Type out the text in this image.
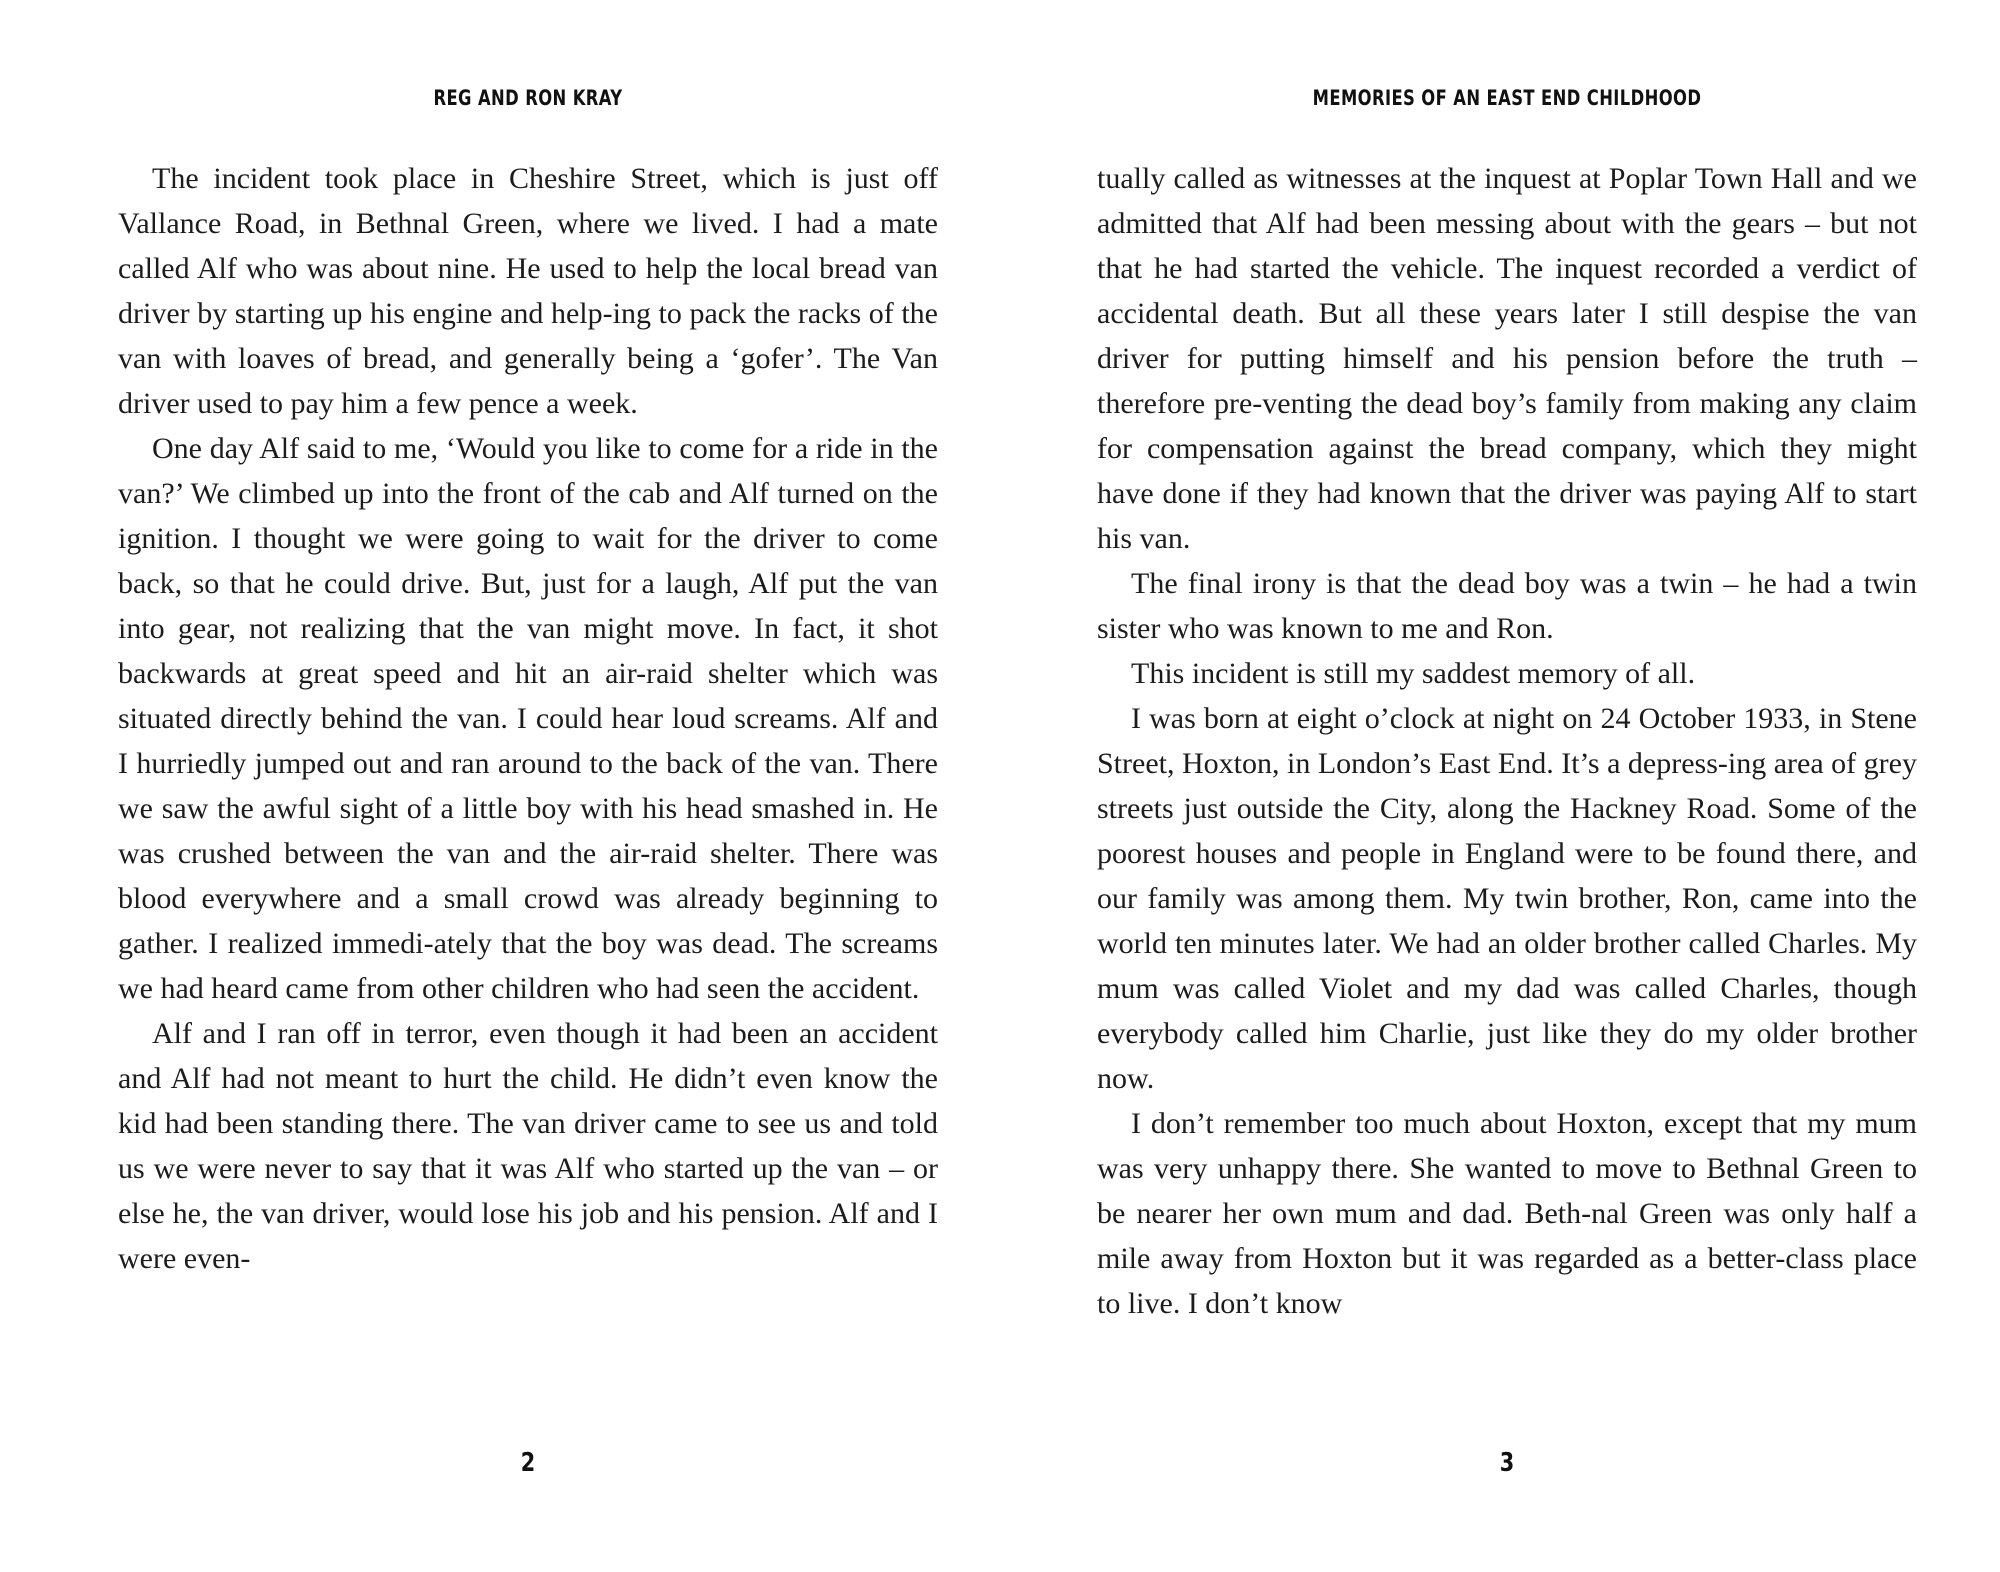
REG AND RON KRAY

The incident took place in Cheshire Street, which is just off Vallance Road, in Bethnal Green, where we lived. I had a mate called Alf who was about nine. He used to help the local bread van driver by starting up his engine and help-ing to pack the racks of the van with loaves of bread, and generally being a ‘gofer’. The Van driver used to pay him a few pence a week.

One day Alf said to me, ‘Would you like to come for a ride in the van?’ We climbed up into the front of the cab and Alf turned on the ignition. I thought we were going to wait for the driver to come back, so that he could drive. But, just for a laugh, Alf put the van into gear, not realizing that the van might move. In fact, it shot backwards at great speed and hit an air-raid shelter which was situated directly behind the van. I could hear loud screams. Alf and I hurriedly jumped out and ran around to the back of the van. There we saw the awful sight of a little boy with his head smashed in. He was crushed between the van and the air-raid shelter. There was blood everywhere and a small crowd was already beginning to gather. I realized immedi-ately that the boy was dead. The screams we had heard came from other children who had seen the accident.

Alf and I ran off in terror, even though it had been an accident and Alf had not meant to hurt the child. He didn’t even know the kid had been standing there. The van driver came to see us and told us we were never to say that it was Alf who started up the van – or else he, the van driver, would lose his job and his pension. Alf and I were even-

2
MEMORIES OF AN EAST END CHILDHOOD

tually called as witnesses at the inquest at Poplar Town Hall and we admitted that Alf had been messing about with the gears – but not that he had started the vehicle. The inquest recorded a verdict of accidental death. But all these years later I still despise the van driver for putting himself and his pension before the truth – therefore pre-venting the dead boy’s family from making any claim for compensation against the bread company, which they might have done if they had known that the driver was paying Alf to start his van.

The final irony is that the dead boy was a twin – he had a twin sister who was known to me and Ron.

This incident is still my saddest memory of all.

I was born at eight o’clock at night on 24 October 1933, in Stene Street, Hoxton, in London’s East End. It’s a depress-ing area of grey streets just outside the City, along the Hackney Road. Some of the poorest houses and people in England were to be found there, and our family was among them. My twin brother, Ron, came into the world ten minutes later. We had an older brother called Charles. My mum was called Violet and my dad was called Charles, though everybody called him Charlie, just like they do my older brother now.

I don’t remember too much about Hoxton, except that my mum was very unhappy there. She wanted to move to Bethnal Green to be nearer her own mum and dad. Beth-nal Green was only half a mile away from Hoxton but it was regarded as a better-class place to live. I don’t know

3
